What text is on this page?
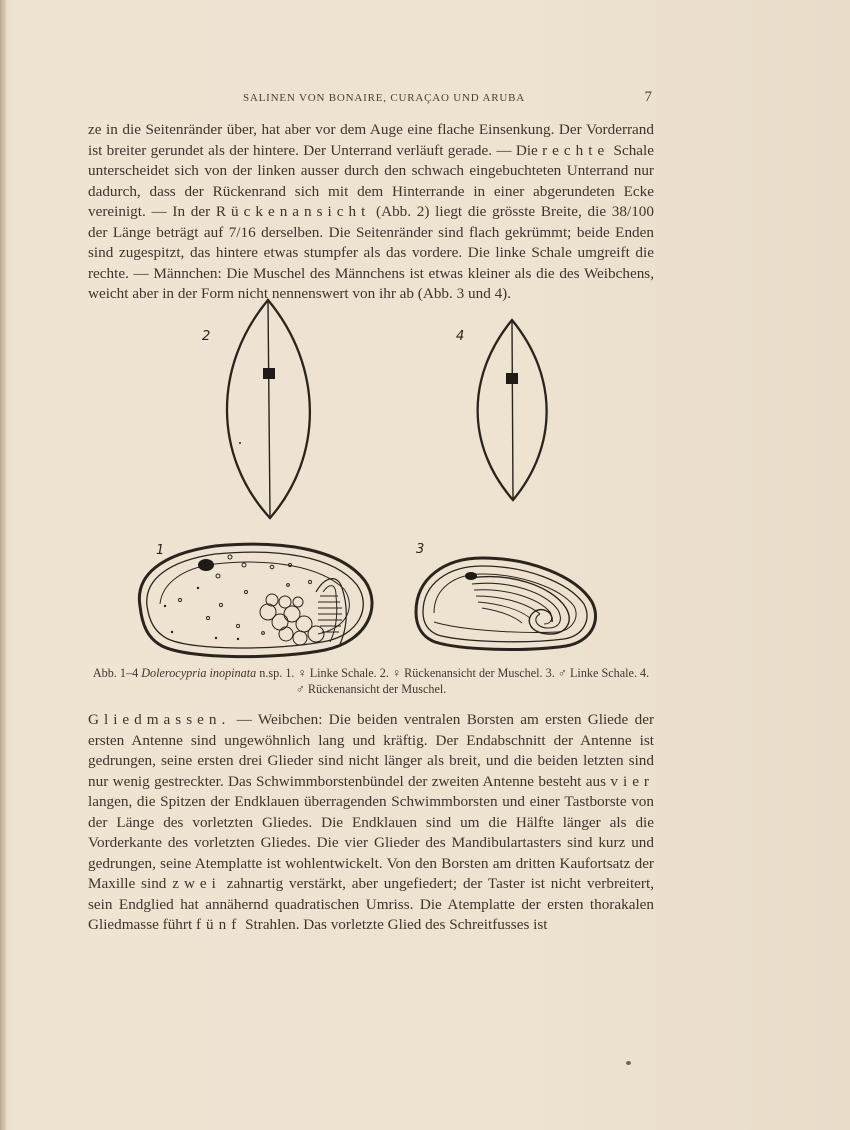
SALINEN VON BONAIRE, CURAÇAO UND ARUBA	7

ze in die Seitenränder über, hat aber vor dem Auge eine flache Einsenkung. Der Vorderrand ist breiter gerundet als der hintere. Der Unterrand verläuft gerade. — Die rechte Schale unterscheidet sich von der linken ausser durch den schwach eingebuchteten Unterrand nur dadurch, dass der Rückenrand sich mit dem Hinterrande in einer abgerundeten Ecke vereinigt. — In der Rückenansicht (Abb. 2) liegt die grösste Breite, die 38/100 der Länge beträgt auf 7/16 derselben. Die Seitenränder sind flach gekrümmt; beide Enden sind zugespitzt, das hintere etwas stumpfer als das vordere. Die linke Schale umgreift die rechte. — Männchen: Die Muschel des Männchens ist etwas kleiner als die des Weibchens, weicht aber in der Form nicht nennenswert von ihr ab (Abb. 3 und 4).

2	4
1	3
Abb. 1–4 Dolerocypria inopinata n.sp. 1. ♀ Linke Schale. 2. ♀ Rückenansicht der Muschel. 3. ♂ Linke Schale. 4. ♂ Rückenansicht der Muschel.

Gliedmassen. — Weibchen: Die beiden ventralen Borsten am ersten Gliede der ersten Antenne sind ungewöhnlich lang und kräftig. Der Endabschnitt der Antenne ist gedrungen, seine ersten drei Glieder sind nicht länger als breit, und die beiden letzten sind nur wenig gestreckter. Das Schwimmborstenbündel der zweiten Antenne besteht aus vier langen, die Spitzen der Endklauen überragenden Schwimmborsten und einer Tastborste von der Länge des vorletzten Gliedes. Die Endklauen sind um die Hälfte länger als die Vorderkante des vorletzten Gliedes. Die vier Glieder des Mandibulartasters sind kurz und gedrungen, seine Atemplatte ist wohlentwickelt. Von den Borsten am dritten Kaufortsatz der Maxille sind zwei zahnartig verstärkt, aber ungefiedert; der Taster ist nicht verbreitert, sein Endglied hat annähernd quadratischen Umriss. Die Atemplatte der ersten thorakalen Gliedmasse führt fünf Strahlen. Das vorletzte Glied des Schreitfusses ist
